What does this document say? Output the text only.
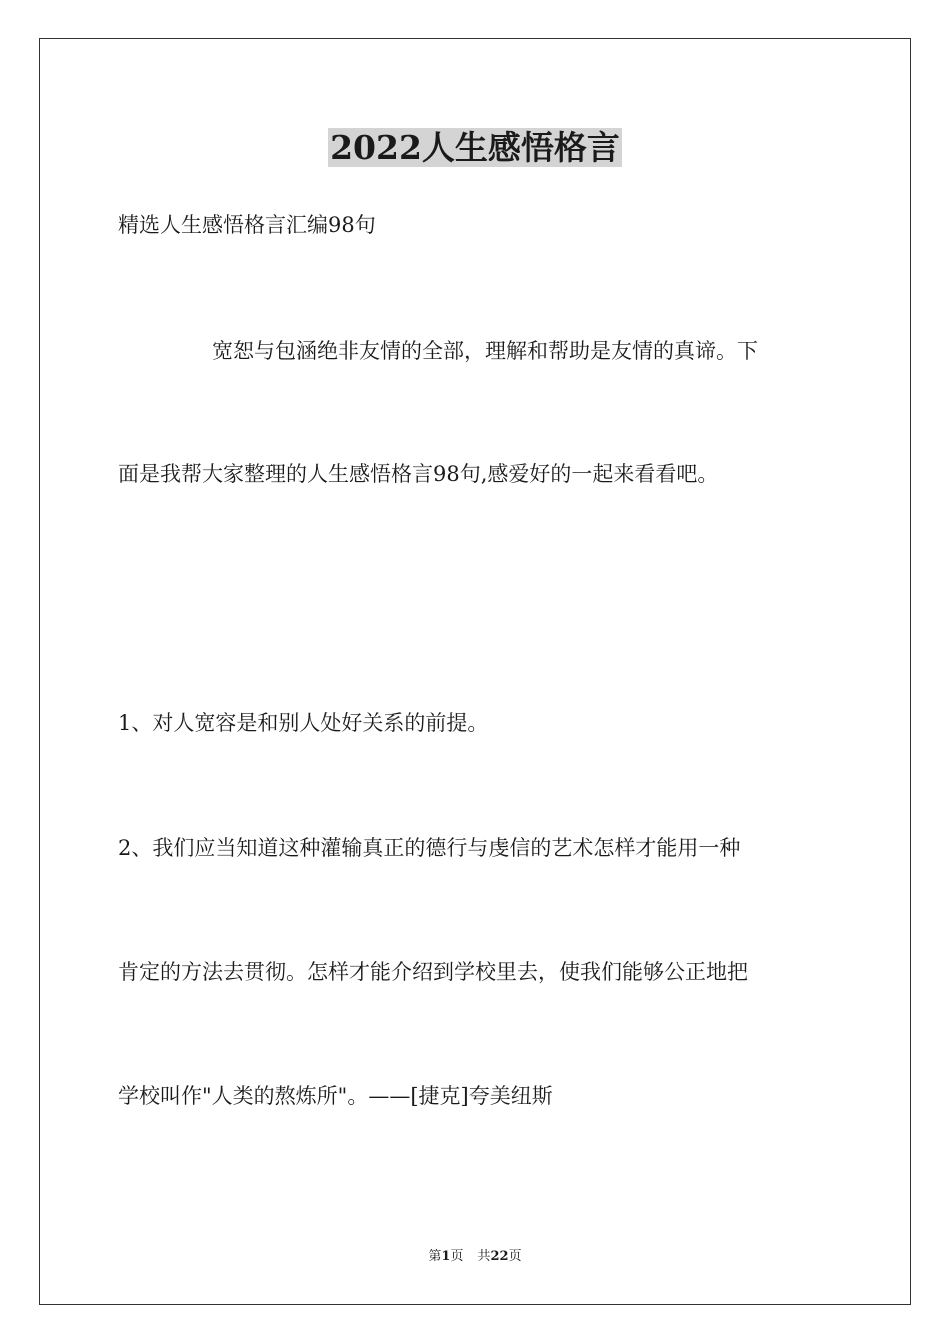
2022人生感悟格言
精选人生感悟格言汇编98句
宽恕与包涵绝非友情的全部，理解和帮助是友情的真谛。下
面是我帮大家整理的人生感悟格言98句,感爱好的一起来看看吧。
1、对人宽容是和别人处好关系的前提。
2、我们应当知道这种灌输真正的德行与虔信的艺术怎样才能用一种
肯定的方法去贯彻。怎样才能介绍到学校里去，使我们能够公正地把
学校叫作"人类的熬炼所"。——[捷克]夸美纽斯
第1页 共22页
